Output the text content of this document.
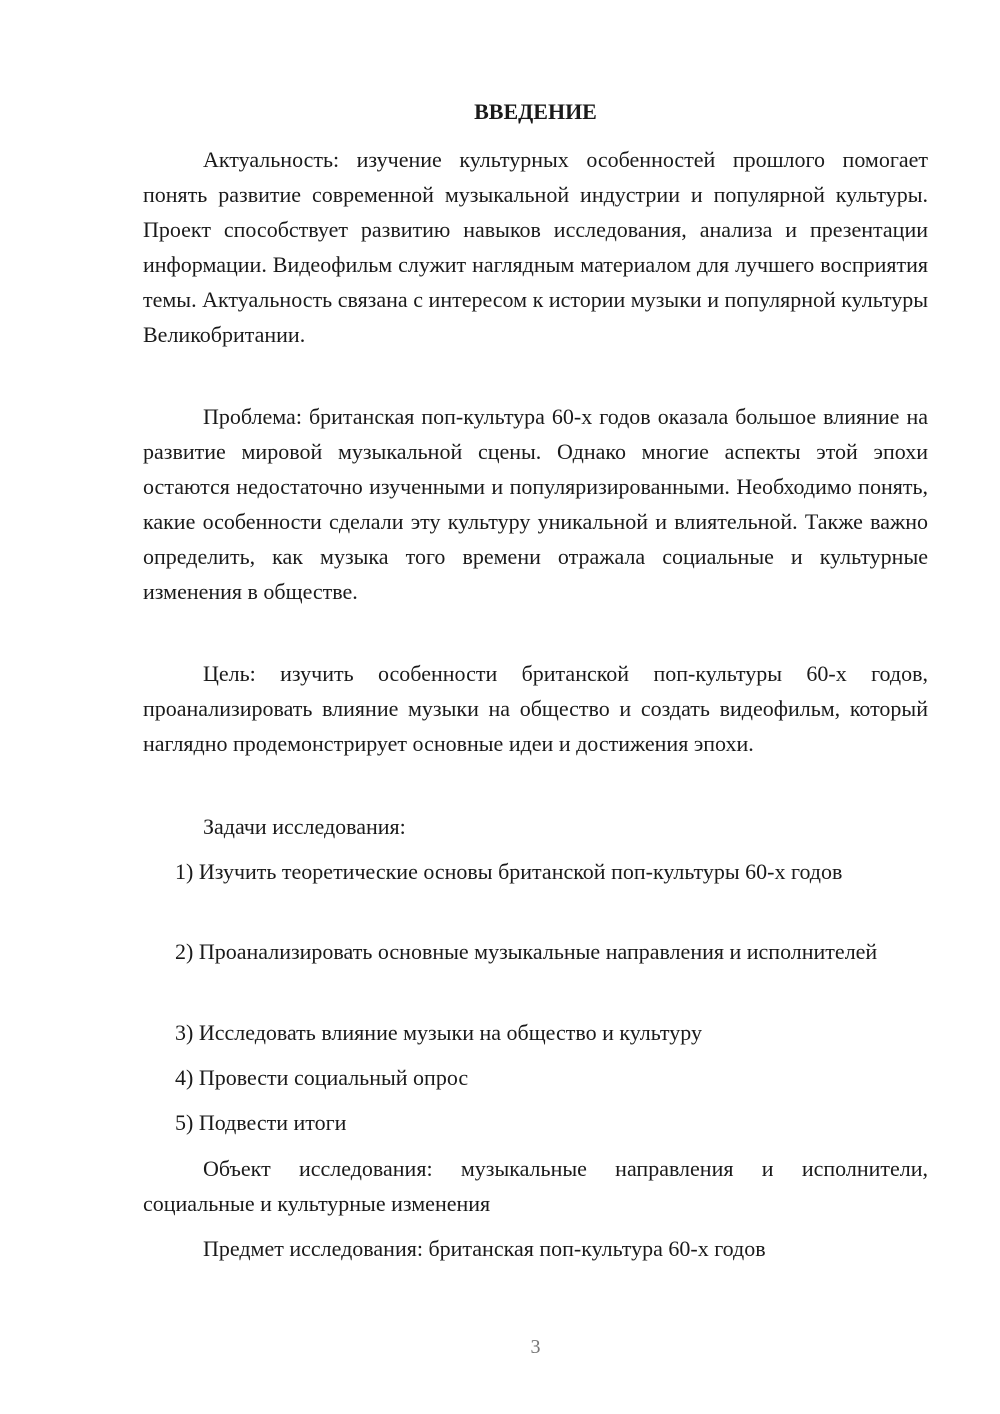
ВВЕДЕНИЕ

Актуальность: изучение культурных особенностей прошлого помогает понять развитие современной музыкальной индустрии и популярной культуры. Проект способствует развитию навыков исследования, анализа и презентации информации. Видеофильм служит наглядным материалом для лучшего восприятия темы. Актуальность связана с интересом к истории музыки и популярной культуры Великобритании.

Проблема: британская поп-культура 60-х годов оказала большое влияние на развитие мировой музыкальной сцены. Однако многие аспекты этой эпохи остаются недостаточно изученными и популяризированными. Необходимо понять, какие особенности сделали эту культуру уникальной и влиятельной. Также важно определить, как музыка того времени отражала социальные и культурные изменения в обществе.

Цель: изучить особенности британской поп-культуры 60-х годов, проанализировать влияние музыки на общество и создать видеофильм, который наглядно продемонстрирует основные идеи и достижения эпохи.

Задачи исследования:

1) Изучить теоретические основы британской поп-культуры 60-х годов

2) Проанализировать основные музыкальные направления и исполнителей

3) Исследовать влияние музыки на общество и культуру

4) Провести социальный опрос

5) Подвести итоги

Объект исследования: музыкальные направления и исполнители, социальные и культурные изменения

Предмет исследования: британская поп-культура 60-х годов

3
